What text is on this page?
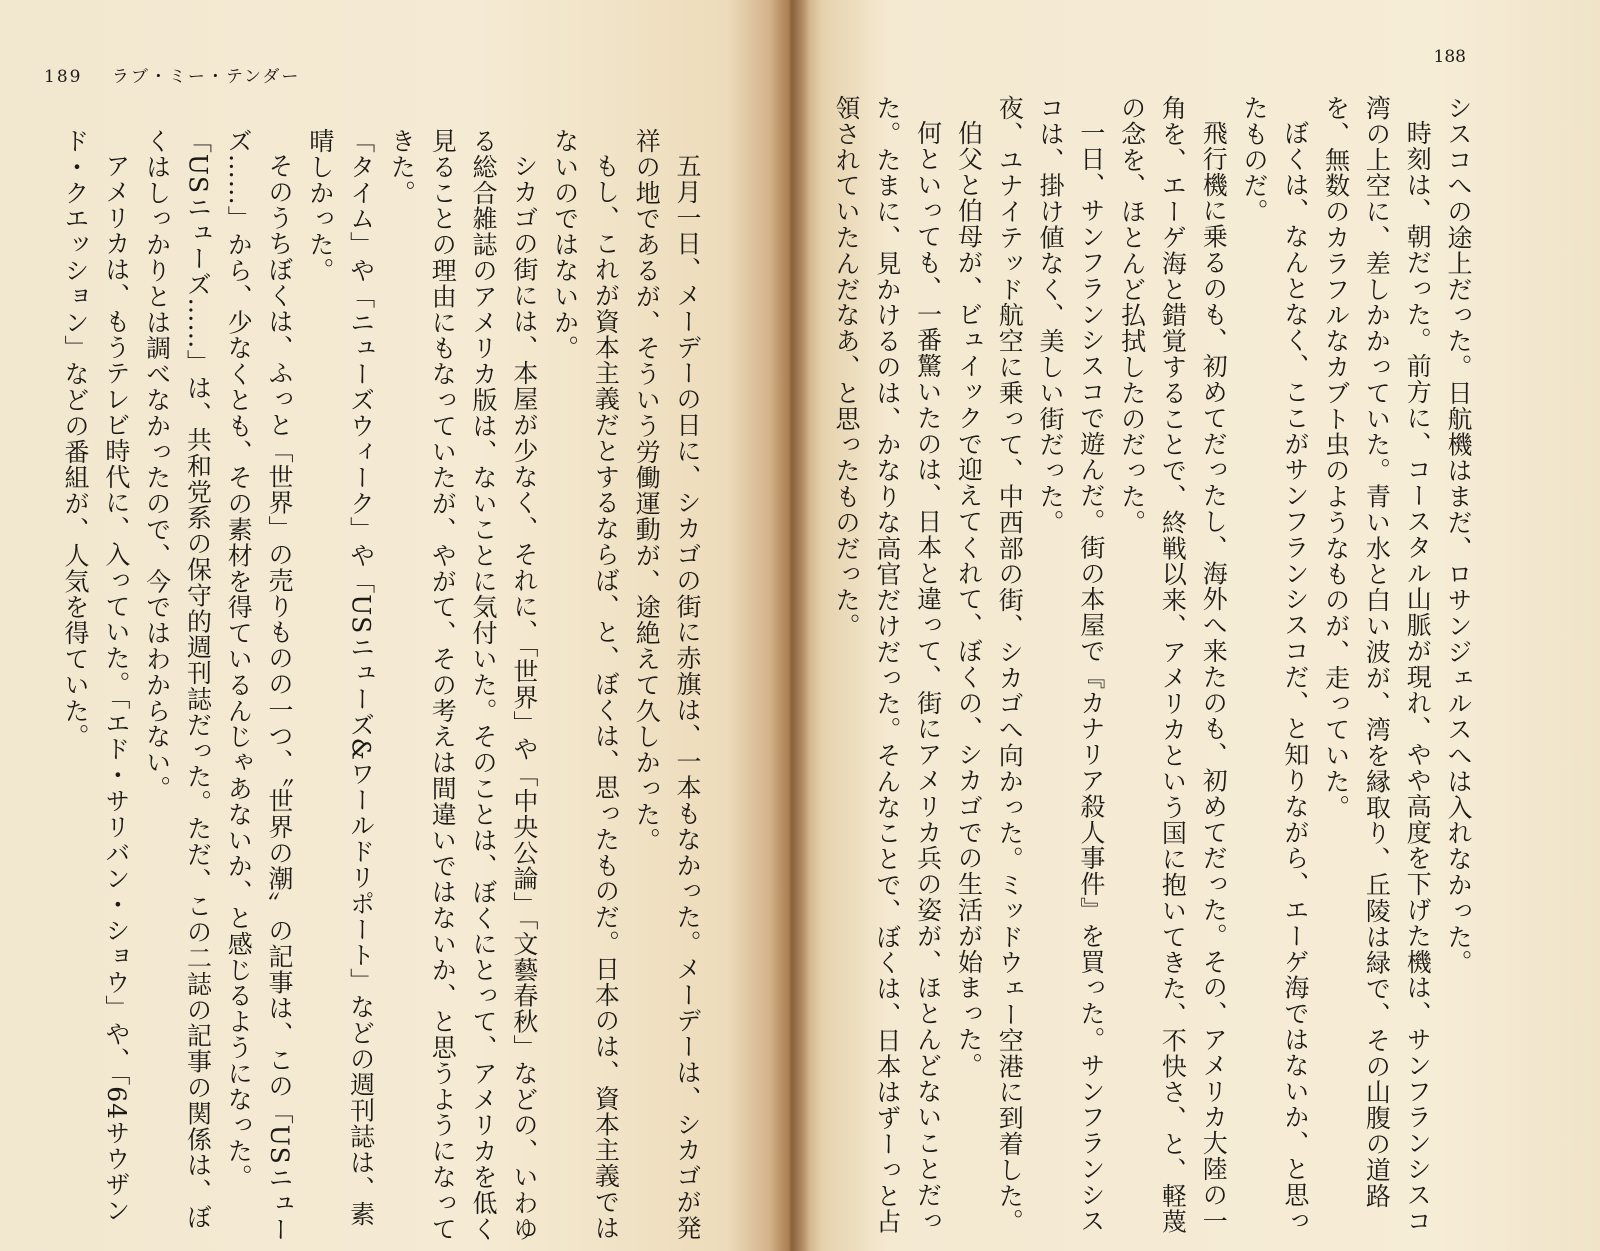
189 ラブ・ミー・テンダー

五月一日、メーデーの日に、シカゴの街に赤旗は、一本もなかった。メーデーは、シカゴが発祥の地であるが、そういう労働運動が、途絶えて久しかった。

もし、これが資本主義だとするならば、と、ぼくは、思ったものだ。日本のは、資本主義ではないのではないか。

シカゴの街には、本屋が少なく、それに、「世界」や「中央公論」「文藝春秋」などの、いわゆる総合雑誌のアメリカ版は、ないことに気付いた。そのことは、ぼくにとって、アメリカを低く見ることの理由にもなっていたが、やがて、その考えは間違いではないか、と思うようになってきた。

「タイム」や「ニューズウィーク」や「USニューズ&ワールドリポート」などの週刊誌は、素晴しかった。

そのうちぼくは、ふっと「世界」の売りものの一つ、〝世界の潮〟の記事は、この「USニューズ……」から、少なくとも、その素材を得ているんじゃあないか、と感じるようになった。

「USニューズ……」は、共和党系の保守的週刊誌だった。ただ、この二誌の記事の関係は、ぼくはしっかりとは調べなかったので、今ではわからない。

アメリカは、もうテレビ時代に、入っていた。「エド・サリバン・ショウ」や、「64サウザンド・クエッション」などの番組が、人気を得ていた。

188

シスコへの途上だった。日航機はまだ、ロサンジェルスへは入れなかった。

時刻は、朝だった。前方に、コースタル山脈が現れ、やや高度を下げた機は、サンフランシスコ湾の上空に、差しかかっていた。青い水と白い波が、湾を縁取り、丘陵は緑で、その山腹の道路を、無数のカラフルなカブト虫のようなものが、走っていた。

ぼくは、なんとなく、ここがサンフランシスコだ、と知りながら、エーゲ海ではないか、と思ったものだ。

飛行機に乗るのも、初めてだったし、海外へ来たのも、初めてだった。その、アメリカ大陸の一角を、エーゲ海と錯覚することで、終戦以来、アメリカという国に抱いてきた、不快さ、と、軽蔑の念を、ほとんど払拭したのだった。

一日、サンフランシスコで遊んだ。街の本屋で『カナリア殺人事件』を買った。サンフランシスコは、掛け値なく、美しい街だった。

夜、ユナイテッド航空に乗って、中西部の街、シカゴへ向かった。ミッドウェー空港に到着した。

伯父と伯母が、ビュイックで迎えてくれて、ぼくの、シカゴでの生活が始まった。

何といっても、一番驚いたのは、日本と違って、街にアメリカ兵の姿が、ほとんどないことだった。たまに、見かけるのは、かなりな高官だけだった。そんなことで、ぼくは、日本はずーっと占領されていたんだなあ、と思ったものだった。
